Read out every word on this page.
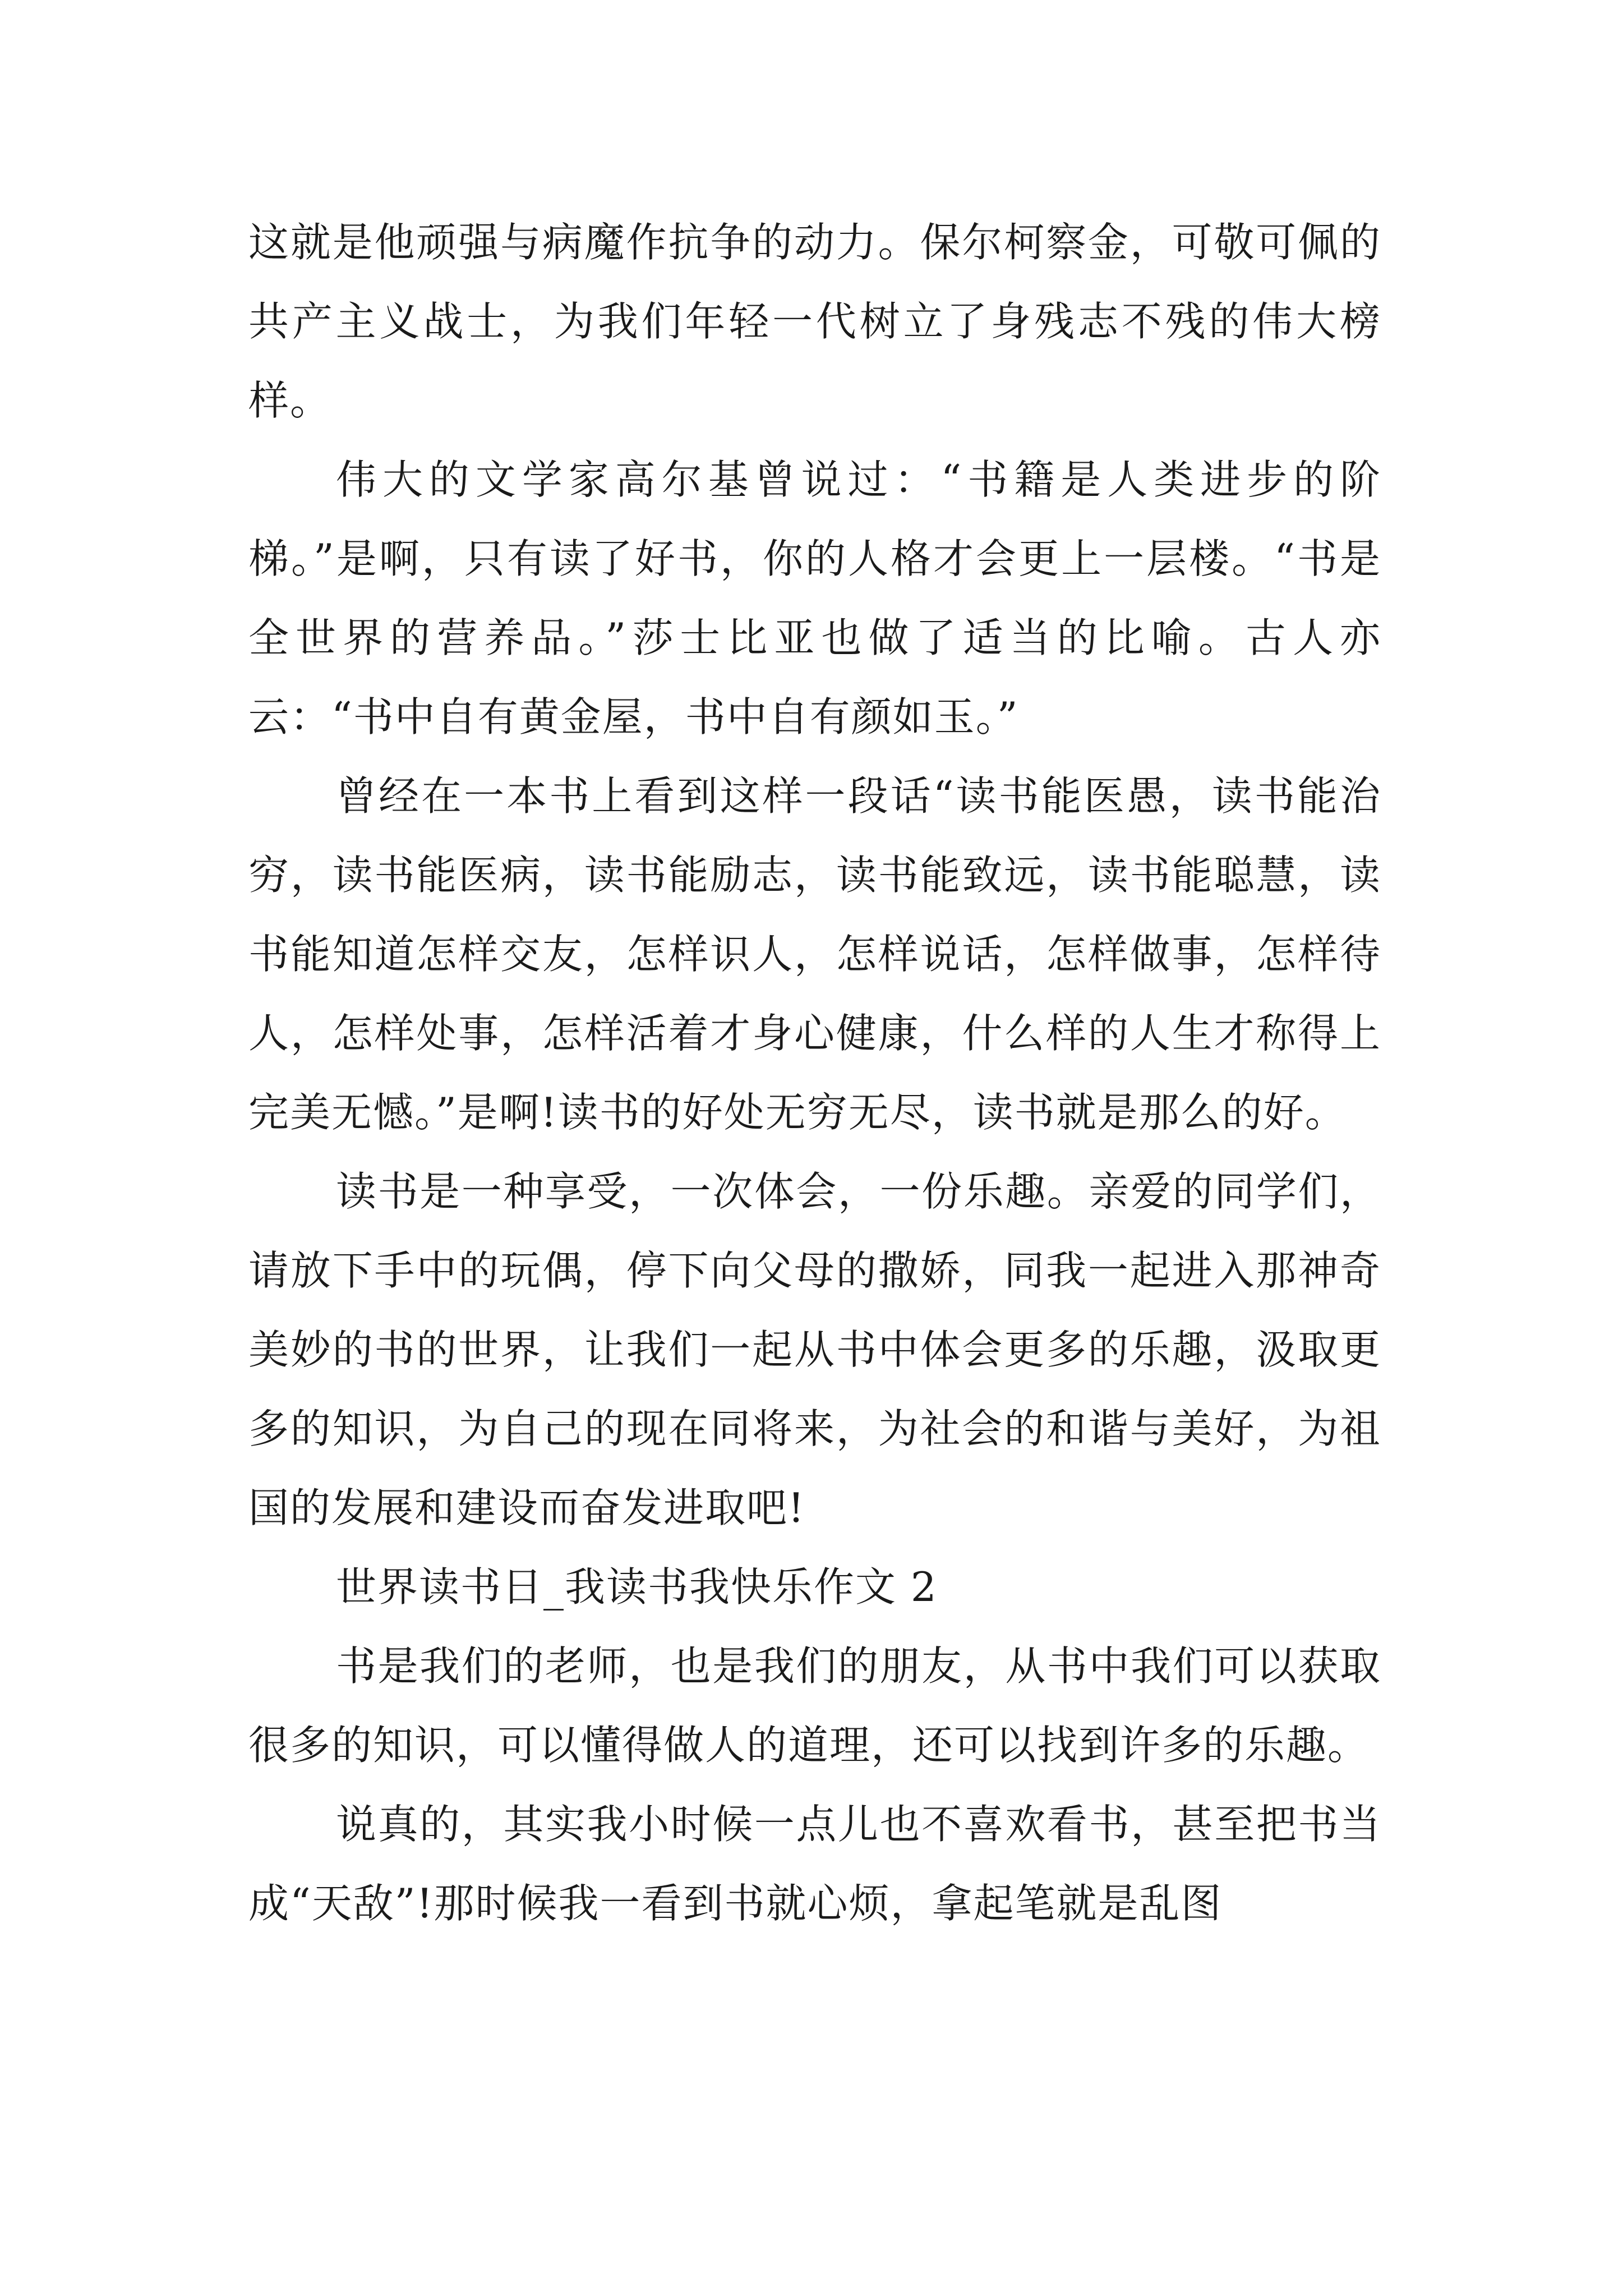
这就是他顽强与病魔作抗争的动力。保尔柯察金，可敬可佩的共产主义战士，为我们年轻一代树立了身残志不残的伟大榜样。

伟大的文学家高尔基曾说过：“书籍是人类进步的阶梯。”是啊，只有读了好书，你的人格才会更上一层楼。“书是全世界的营养品。”莎士比亚也做了适当的比喻。古人亦云：“书中自有黄金屋，书中自有颜如玉。”

曾经在一本书上看到这样一段话“读书能医愚，读书能治穷，读书能医病，读书能励志，读书能致远，读书能聪慧，读书能知道怎样交友，怎样识人，怎样说话，怎样做事，怎样待人，怎样处事，怎样活着才身心健康，什么样的人生才称得上完美无憾。”是啊!读书的好处无穷无尽，读书就是那么的好。

读书是一种享受，一次体会，一份乐趣。亲爱的同学们，请放下手中的玩偶，停下向父母的撒娇，同我一起进入那神奇美妙的书的世界，让我们一起从书中体会更多的乐趣，汲取更多的知识，为自己的现在同将来，为社会的和谐与美好，为祖国的发展和建设而奋发进取吧!

世界读书日_我读书我快乐作文 2

书是我们的老师，也是我们的朋友，从书中我们可以获取很多的知识，可以懂得做人的道理，还可以找到许多的乐趣。

说真的，其实我小时候一点儿也不喜欢看书，甚至把书当成“天敌”!那时候我一看到书就心烦，拿起笔就是乱图
